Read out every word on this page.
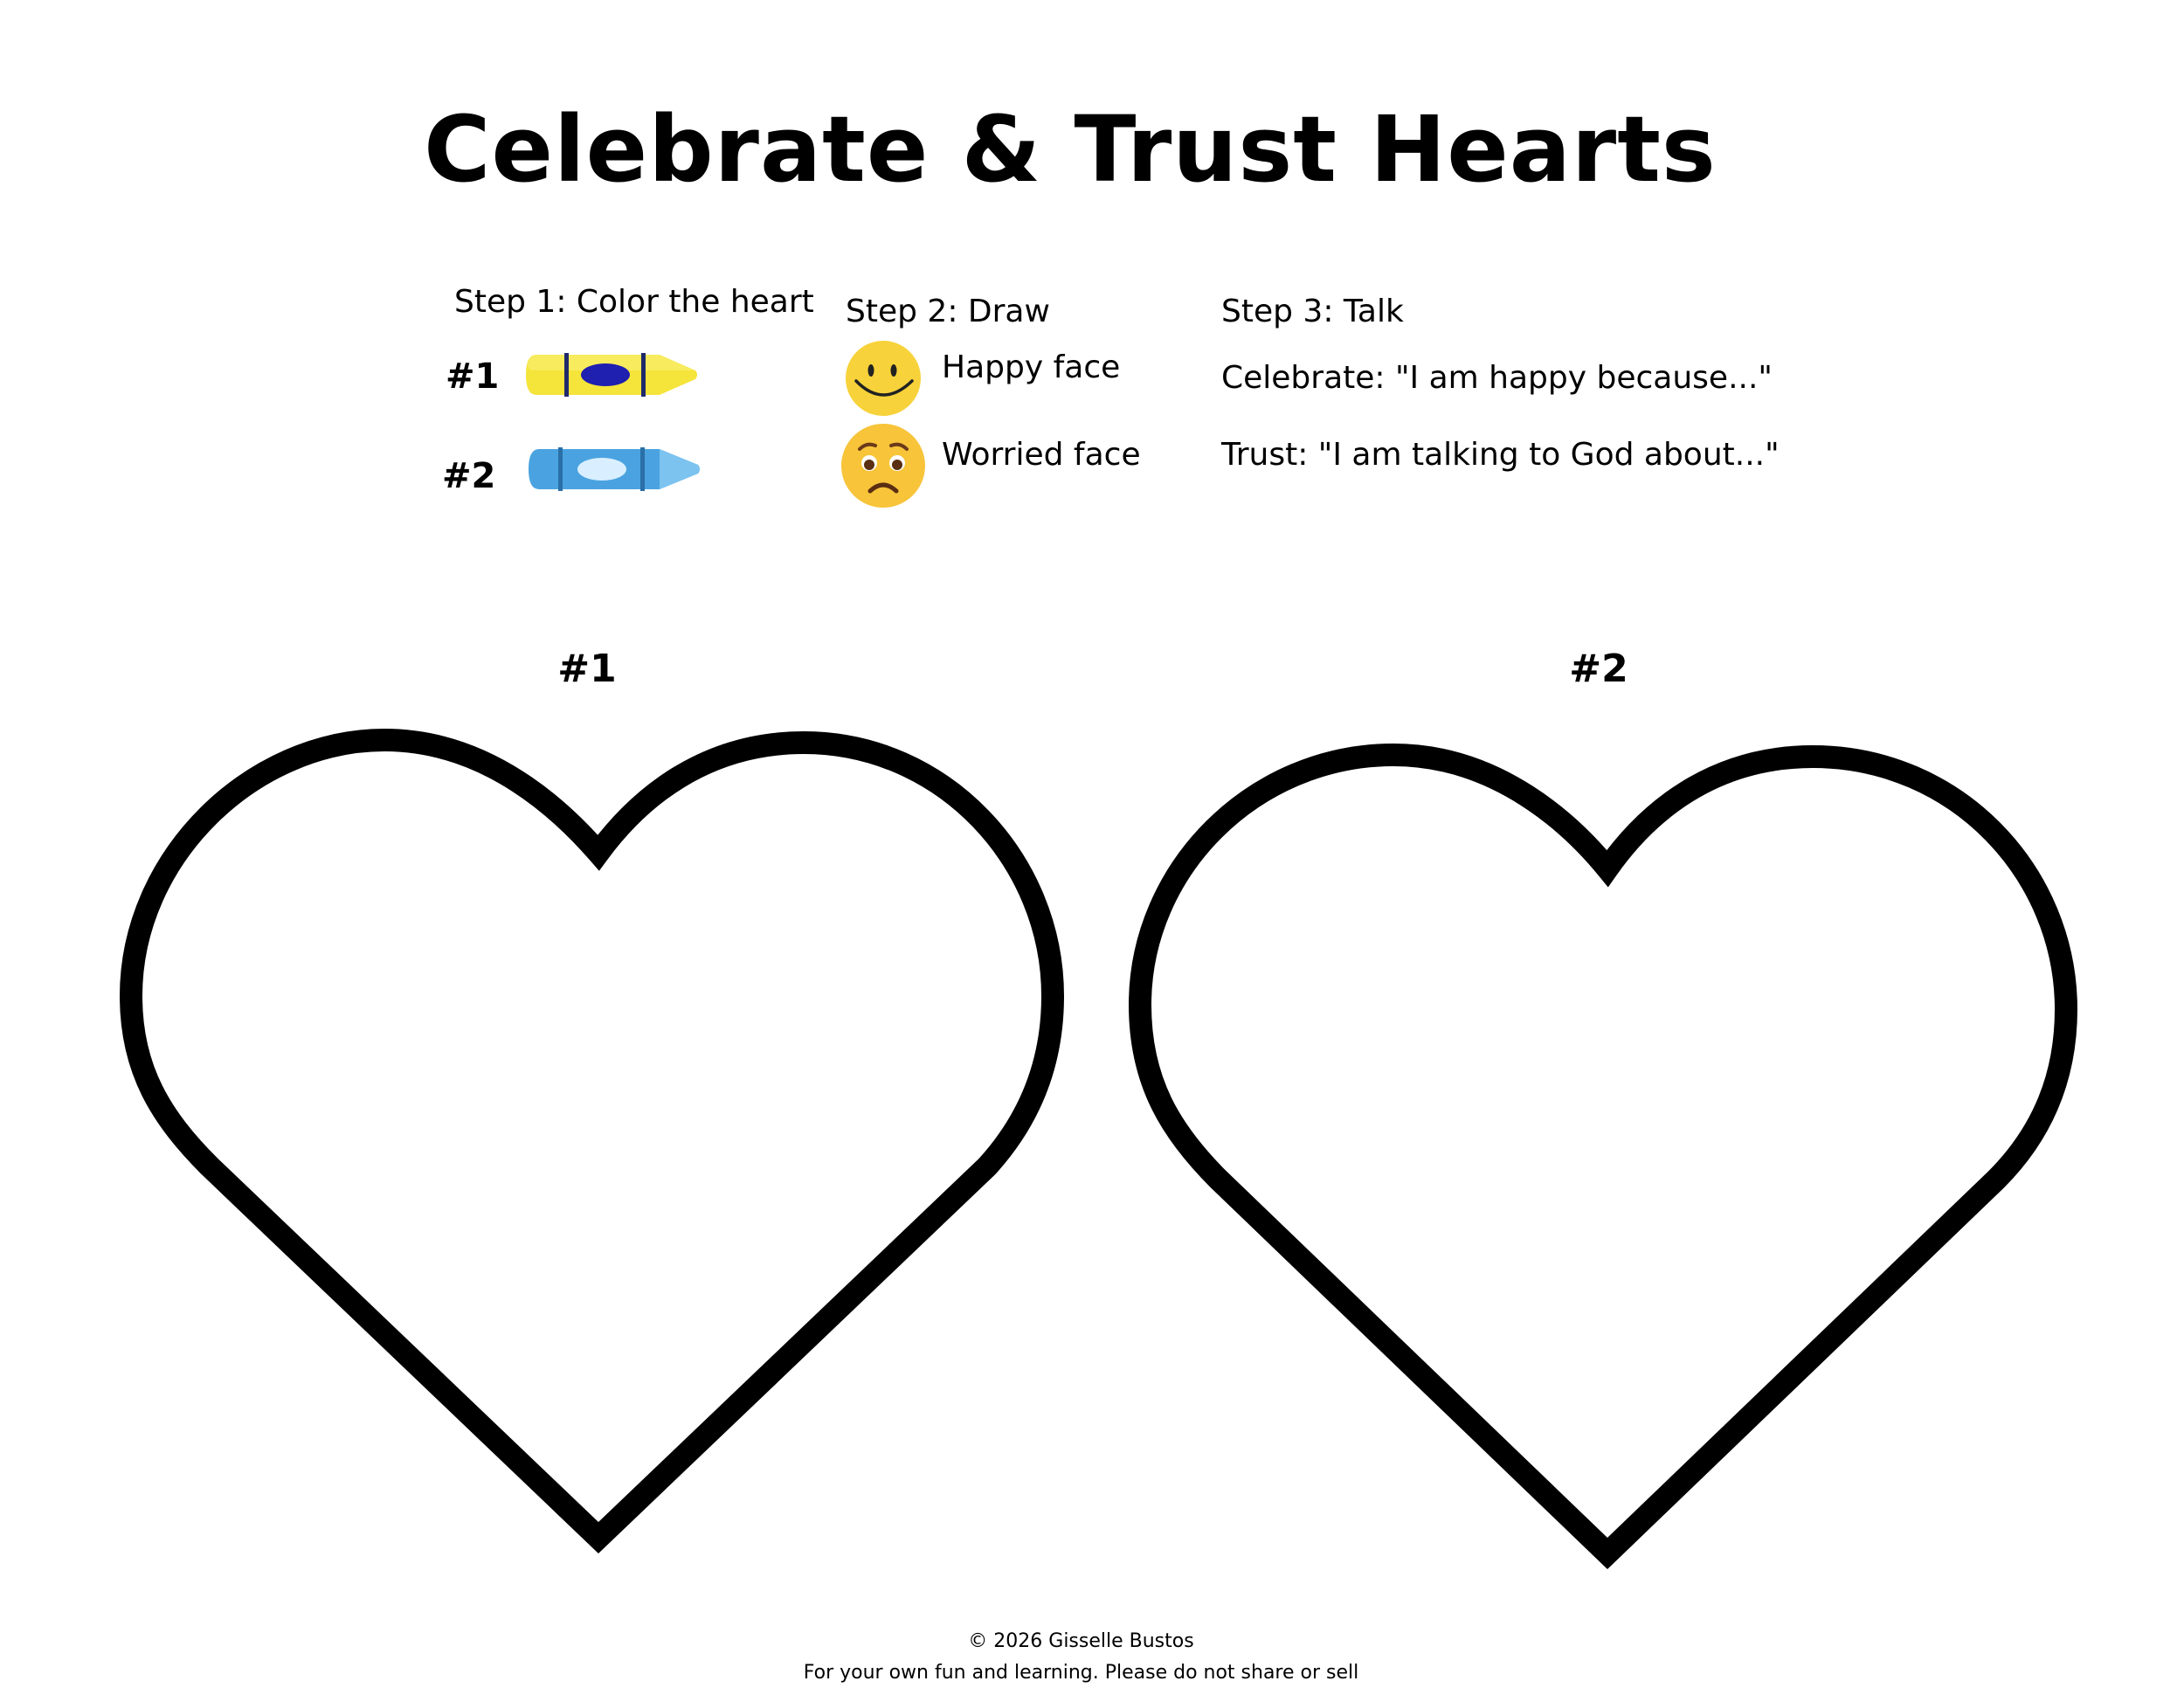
Celebrate & Trust Hearts
Step 1: Color the heart
#1
#2
Step 2: Draw
Happy face
Worried face
Step 3: Talk
Celebrate: "I am happy because..."
Trust: "I am talking to God about..."
#1	#2
© 2026 Gisselle Bustos
For your own fun and learning. Please do not share or sell
